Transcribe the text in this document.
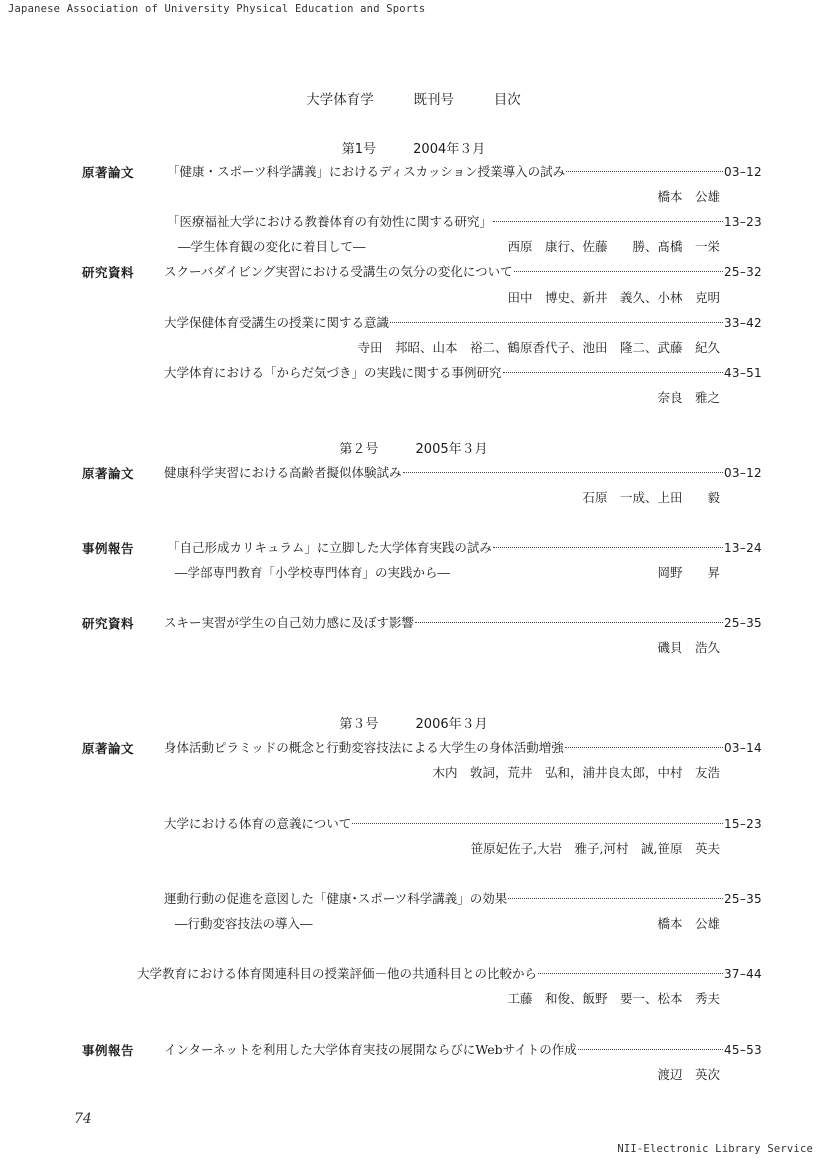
Japanese Association of University Physical Education and Sports
NII-Electronic Library Service
74
大学体育学　 既刊号　 目次
第1号　 2004年３月
原著論文	「健康・スポーツ科学講義」におけるディスカッション授業導入の試み	03–12
橋本　公雄
「医療福祉大学における教養体育の有効性に関する研究」	13–23
―学生体育観の変化に着目して―	西原　康行、佐藤　　勝、髙橋　一栄
研究資料 スクーバダイビング実習における受講生の気分の変化について	25–32
田中　博史、新井　義久、小林　克明
大学保健体育受講生の授業に関する意識	33–42
寺田　邦昭、山本　裕二、鶴原香代子、池田　隆二、武藤　紀久
大学体育における「からだ気づき」の実践に関する事例研究	43–51
奈良　雅之
第２号　 2005年３月
原著論文 健康科学実習における高齢者擬似体験試み	03–12
石原　一成、上田　　毅
事例報告	「自己形成カリキュラム」に立脚した大学体育実践の試み	13–24
―学部専門教育「小学校専門体育」の実践から―	岡野　　昇
研究資料 スキー実習が学生の自己効力感に及ぼす影響	25–35
磯貝　浩久
第３号　 2006年３月
原著論文 身体活動ピラミッドの概念と行動変容技法による大学生の身体活動増強	03–14
木内　敦詞，荒井　弘和，浦井良太郎，中村　友浩
大学における体育の意義について	15–23
笹原妃佐子,大岩　雅子,河村　誠,笹原　英夫
運動行動の促進を意図した「健康･スポーツ科学講義」の効果	25–35
―行動変容技法の導入―	橋本　公雄
大学教育における体育関連科目の授業評価－他の共通科目との比較から	37–44
工藤　和俊、飯野　要一、松本　秀夫
事例報告 インターネットを利用した大学体育実技の展開ならびにWebサイトの作成	45–53
渡辺　英次
